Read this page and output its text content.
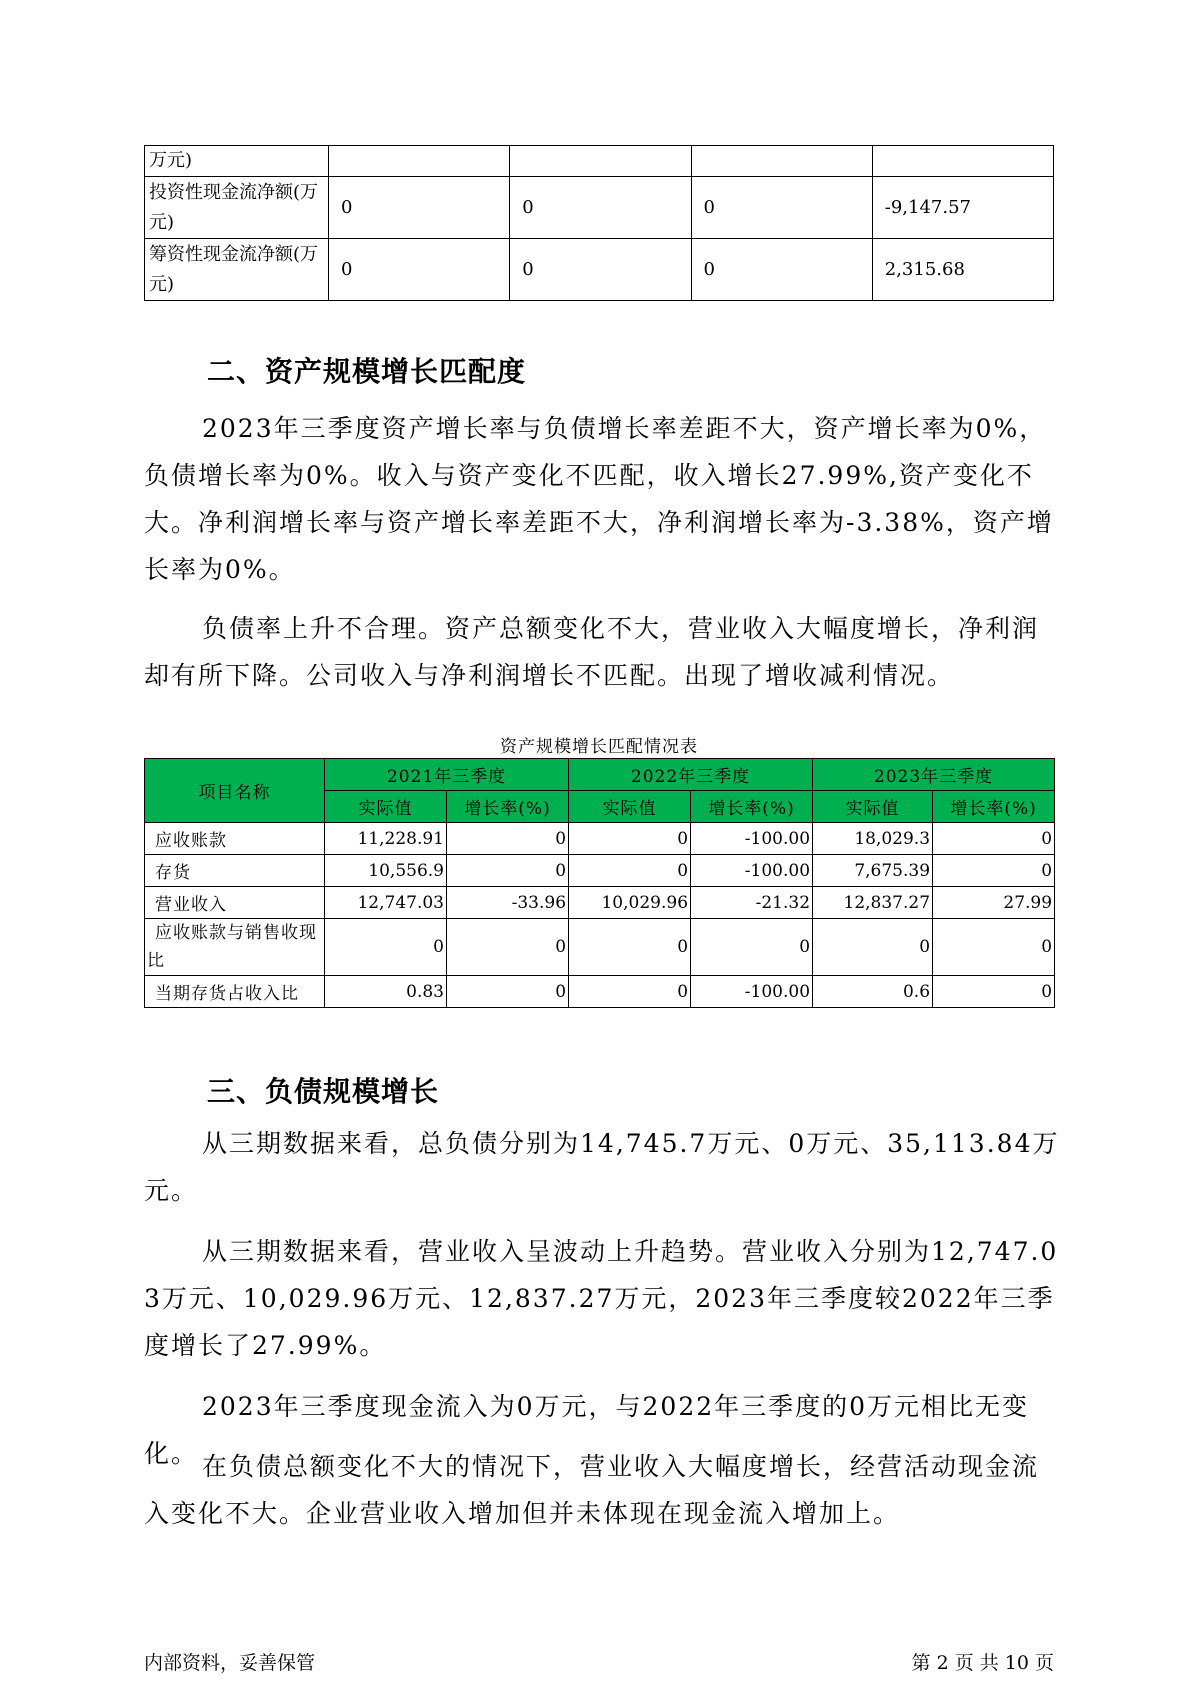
万元)				
投资性现金流净额(万元)	0	0	0	-9,147.57
筹资性现金流净额(万元)	0	0	0	2,315.68
二、资产规模增长匹配度

2023年三季度资产增长率与负债增长率差距不大，资产增长率为0%，负债增长率为0%。收入与资产变化不匹配，收入增长27.99%,资产变化不大。净利润增长率与资产增长率差距不大，净利润增长率为-3.38%，资产增长率为0%。

负债率上升不合理。资产总额变化不大，营业收入大幅度增长，净利润却有所下降。公司收入与净利润增长不匹配。出现了增收减利情况。

资产规模增长匹配情况表
项目名称	2021年三季度		2022年三季度		2023年三季度	
	实际值	增长率(%)	实际值	增长率(%)	实际值	增长率(%)
应收账款	11,228.91	0	0	-100.00	18,029.3	0
存货	10,556.9	0	0	-100.00	7,675.39	0
营业收入	12,747.03	-33.96	10,029.96	-21.32	12,837.27	27.99
应收账款与销售收现比	0	0	0	0	0	0
当期存货占收入比	0.83	0	0	-100.00	0.6	0
三、负债规模增长

从三期数据来看，总负债分别为14,745.7万元、0万元、35,113.84万元。

从三期数据来看，营业收入呈波动上升趋势。营业收入分别为12,747.03万元、10,029.96万元、12,837.27万元，2023年三季度较2022年三季度增长了27.99%。

2023年三季度现金流入为0万元，与2022年三季度的0万元相比无变化。 在负债总额变化不大的情况下，营业收入大幅度增长，经营活动现金流入变化不大。企业营业收入增加但并未体现在现金流入增加上。

内部资料，妥善保管	第 2 页 共 10 页
